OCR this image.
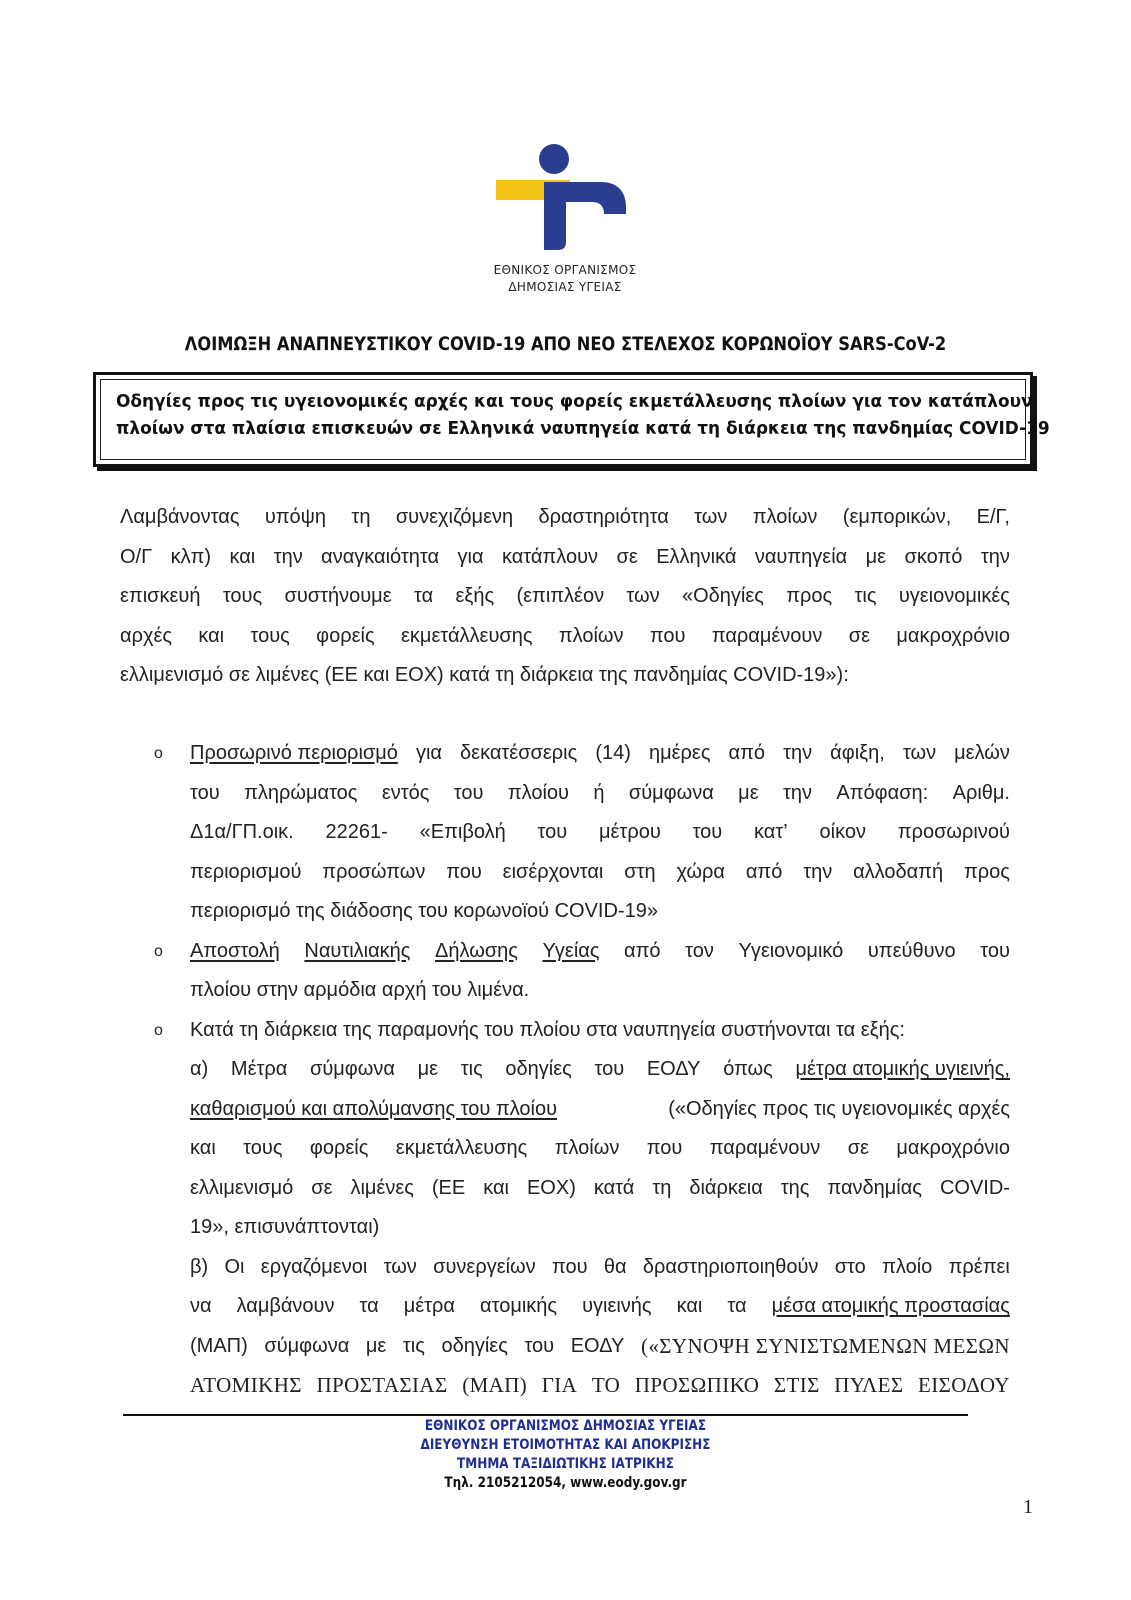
ΕΘΝΙΚΟΣ ΟΡΓΑΝΙΣΜΟΣ
ΔΗΜΟΣΙΑΣ ΥΓΕΙΑΣ
ΛΟΙΜΩΞΗ ΑΝΑΠΝΕΥΣΤΙΚΟΥ COVID-19 ΑΠΟ ΝΕΟ ΣΤΕΛΕΧΟΣ ΚΟΡΩΝΟΪΟΥ SARS-CoV-2
Οδηγίες προς τις υγειονομικές αρχές και τους φορείς εκμετάλλευσης πλοίων για τον κατάπλουν
πλοίων στα πλαίσια επισκευών σε Ελληνικά ναυπηγεία κατά τη διάρκεια της πανδημίας COVID-19
Λαμβάνοντας υπόψη τη συνεχιζόμενη δραστηριότητα των πλοίων (εμπορικών, Ε/Γ,
Ο/Γ κλπ) και την αναγκαιότητα για κατάπλουν σε Ελληνικά ναυπηγεία με σκοπό την
επισκευή τους συστήνουμε τα εξής (επιπλέον των «Οδηγίες προς τις υγειονομικές
αρχές και τους φορείς εκμετάλλευσης πλοίων που παραμένουν σε μακροχρόνιο
ελλιμενισμό σε λιμένες (ΕΕ και ΕΟΧ) κατά τη διάρκεια της πανδημίας COVID-19»):
o Προσωρινό περιορισμό για δεκατέσσερις (14) ημέρες από την άφιξη, των μελών
του πληρώματος εντός του πλοίου ή σύμφωνα με την Απόφαση: Αριθμ.
Δ1α/ΓΠ.οικ. 22261- «Επιβολή του μέτρου του κατ’ οίκον προσωρινού
περιορισμού προσώπων που εισέρχονται στη χώρα από την αλλοδαπή προς
περιορισμό της διάδοσης του κορωνοϊού COVID-19»
o Αποστολή Ναυτιλιακής Δήλωσης Υγείας από τον Υγειονομικό υπεύθυνο του
πλοίου στην αρμόδια αρχή του λιμένα.
o Κατά τη διάρκεια της παραμονής του πλοίου στα ναυπηγεία συστήνονται τα εξής:
α) Μέτρα σύμφωνα με τις οδηγίες του ΕΟΔΥ όπως μέτρα ατομικής υγιεινής,
καθαρισμού και απολύμανσης του πλοίου	(«Οδηγίες προς τις υγειονομικές αρχές
και τους φορείς εκμετάλλευσης πλοίων που παραμένουν σε μακροχρόνιο
ελλιμενισμό σε λιμένες (ΕΕ και ΕΟΧ) κατά τη διάρκεια της πανδημίας COVID-
19», επισυνάπτονται)
β) Οι εργαζόμενοι των συνεργείων που θα δραστηριοποιηθούν στο πλοίο πρέπει
να λαμβάνουν τα μέτρα ατομικής υγιεινής και τα μέσα ατομικής προστασίας
(ΜΑΠ) σύμφωνα με τις οδηγίες του ΕΟΔΥ («ΣΥΝΟΨΗ ΣΥΝΙΣΤΩΜΕΝΩΝ ΜΕΣΩΝ
ΑΤΟΜΙΚΗΣ ΠΡΟΣΤΑΣΙΑΣ (ΜΑΠ) ΓΙΑ ΤΟ ΠΡΟΣΩΠΙΚΟ ΣΤΙΣ ΠΥΛΕΣ ΕΙΣΟΔΟΥ
ΕΘΝΙΚΟΣ ΟΡΓΑΝΙΣΜΟΣ ΔΗΜΟΣΙΑΣ ΥΓΕΙΑΣ
ΔΙΕΥΘΥΝΣΗ ΕΤΟΙΜΟΤΗΤΑΣ ΚΑΙ ΑΠΟΚΡΙΣΗΣ
ΤΜΗΜΑ ΤΑΞΙΔΙΩΤΙΚΗΣ ΙΑΤΡΙΚΗΣ
Τηλ. 2105212054, www.eody.gov.gr
1
